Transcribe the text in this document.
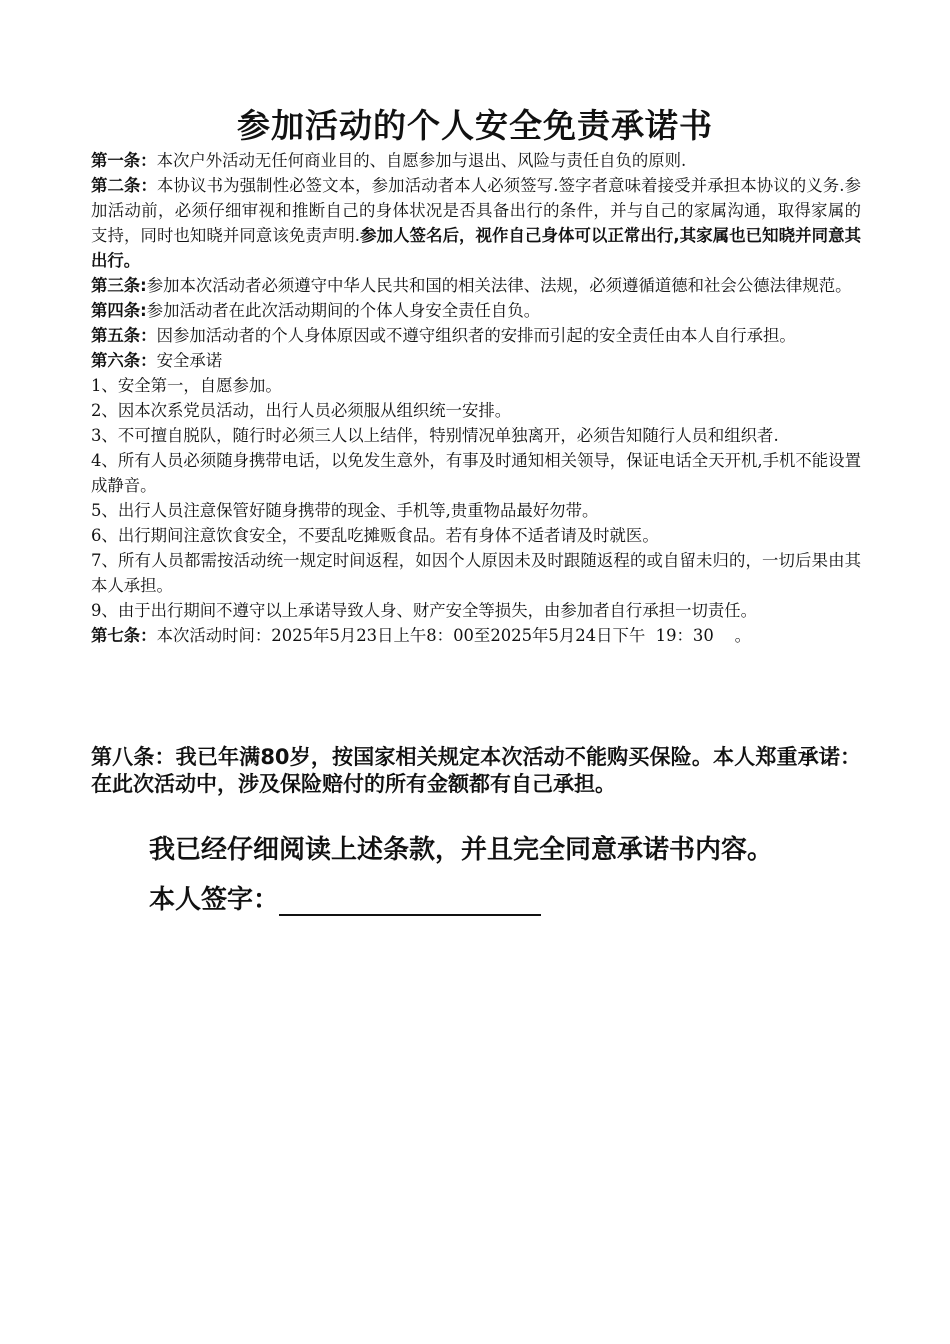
参加活动的个人安全免责承诺书

第一条：本次户外活动无任何商业目的、自愿参加与退出、风险与责任自负的原则.

第二条：本协议书为强制性必签文本，参加活动者本人必须签写.签字者意味着接受并承担本协议的义务.参加活动前，必须仔细审视和推断自己的身体状况是否具备出行的条件，并与自己的家属沟通，取得家属的支持，同时也知晓并同意该免责声明.参加人签名后，视作自己身体可以正常出行,其家属也已知晓并同意其出行。

第三条:参加本次活动者必须遵守中华人民共和国的相关法律、法规，必须遵循道德和社会公德法律规范。

第四条:参加活动者在此次活动期间的个体人身安全责任自负。

第五条：因参加活动者的个人身体原因或不遵守组织者的安排而引起的安全责任由本人自行承担。

第六条：安全承诺

1、安全第一，自愿参加。

2、因本次系党员活动，出行人员必须服从组织统一安排。

3、不可擅自脱队，随行时必须三人以上结伴，特别情况单独离开，必须告知随行人员和组织者.

4、所有人员必须随身携带电话，以免发生意外，有事及时通知相关领导，保证电话全天开机,手机不能设置成静音。

5、出行人员注意保管好随身携带的现金、手机等,贵重物品最好勿带。

6、出行期间注意饮食安全，不要乱吃摊贩食品。若有身体不适者请及时就医。

7、所有人员都需按活动统一规定时间返程，如因个人原因未及时跟随返程的或自留未归的，一切后果由其本人承担。

9、由于出行期间不遵守以上承诺导致人身、财产安全等损失，由参加者自行承担一切责任。

第七条：本次活动时间：2025年5月23日上午8：00至2025年5月24日下午  19：30    。

第八条：我已年满80岁，按国家相关规定本次活动不能购买保险。本人郑重承诺：在此次活动中，涉及保险赔付的所有金额都有自己承担。
我已经仔细阅读上述条款，并且完全同意承诺书内容。
本人签字：
